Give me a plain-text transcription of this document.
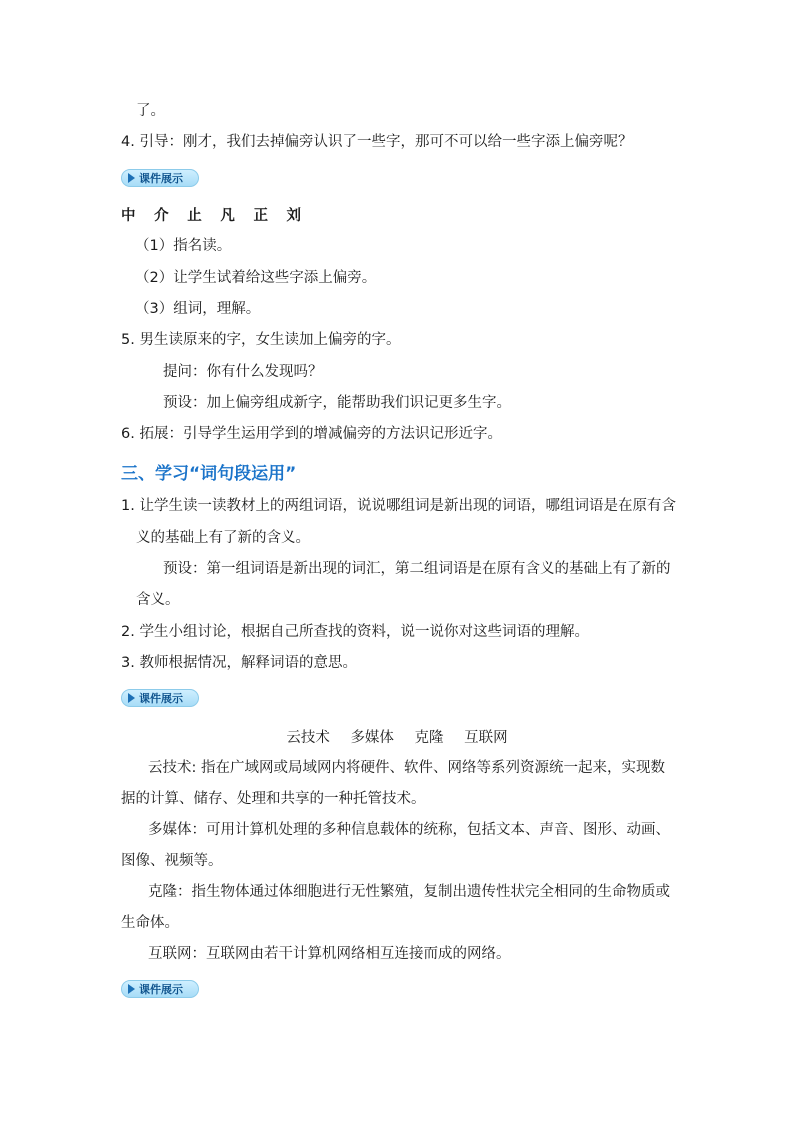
了。
4. 引导：刚才，我们去掉偏旁认识了一些字，那可不可以给一些字添上偏旁呢？
课件展示
中 介 止 凡 正 刘
（1）指名读。
（2）让学生试着给这些字添上偏旁。
（3）组词，理解。
5. 男生读原来的字，女生读加上偏旁的字。
提问：你有什么发现吗？
预设：加上偏旁组成新字，能帮助我们识记更多生字。
6. 拓展：引导学生运用学到的增减偏旁的方法识记形近字。
三、学习“词句段运用”
1. 让学生读一读教材上的两组词语，说说哪组词是新出现的词语，哪组词语是在原有含
义的基础上有了新的含义。
预设：第一组词语是新出现的词汇，第二组词语是在原有含义的基础上有了新的
含义。
2. 学生小组讨论，根据自己所查找的资料，说一说你对这些词语的理解。
3. 教师根据情况，解释词语的意思。
课件展示
云技术 多媒体 克隆 互联网
云技术: 指在广域网或局域网内将硬件、软件、网络等系列资源统一起来，实现数
据的计算、储存、处理和共享的一种托管技术。
多媒体：可用计算机处理的多种信息载体的统称，包括文本、声音、图形、动画、
图像、视频等。
克隆：指生物体通过体细胞进行无性繁殖，复制出遗传性状完全相同的生命物质或
生命体。
互联网：互联网由若干计算机网络相互连接而成的网络。
课件展示
